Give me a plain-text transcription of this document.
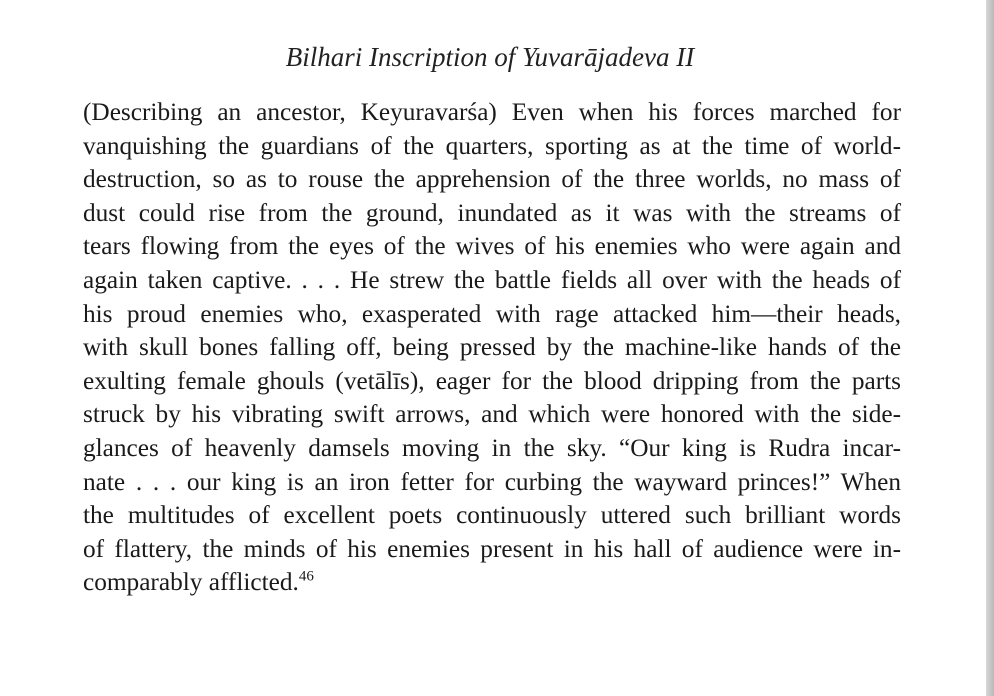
Bilhari Inscription of Yuvarājadeva II
(Describing an ancestor, Keyuravarśa) Even when his forces marched for
vanquishing the guardians of the quarters, sporting as at the time of world-
destruction, so as to rouse the apprehension of the three worlds, no mass of
dust could rise from the ground, inundated as it was with the streams of
tears flowing from the eyes of the wives of his enemies who were again and
again taken captive. . . . He strew the battle fields all over with the heads of
his proud enemies who, exasperated with rage attacked him—their heads,
with skull bones falling off, being pressed by the machine-like hands of the
exulting female ghouls (vetālīs), eager for the blood dripping from the parts
struck by his vibrating swift arrows, and which were honored with the side-
glances of heavenly damsels moving in the sky. “Our king is Rudra incar-
nate . . . our king is an iron fetter for curbing the wayward princes!” When
the multitudes of excellent poets continuously uttered such brilliant words
of flattery, the minds of his enemies present in his hall of audience were in-
comparably afflicted.$^{46}$
